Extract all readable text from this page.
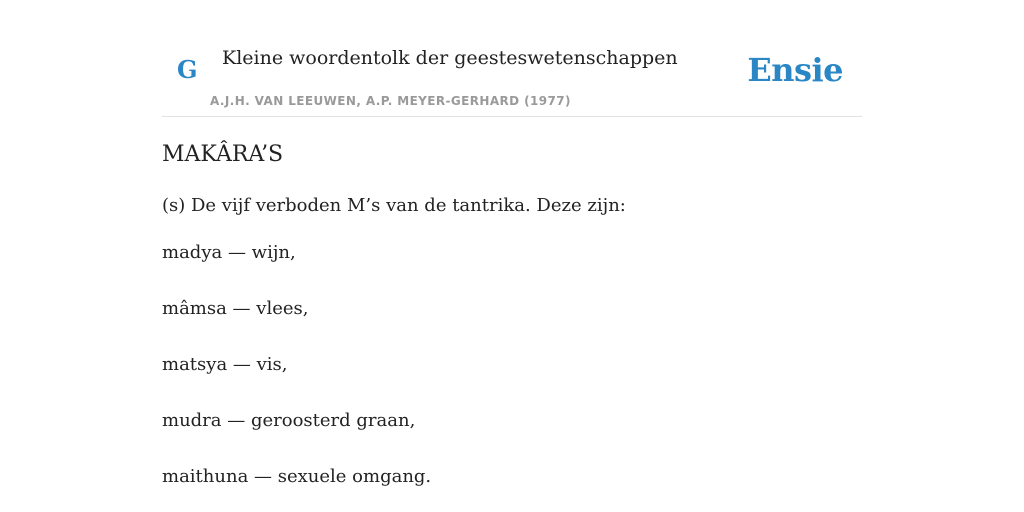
G Kleine woordentolk der geesteswetenschappen
A.J.H. VAN LEEUWEN, A.P. MEYER-GERHARD (1977)
Ensie
MAKÂRA’S
(s) De vijf verboden M’s van de tantrika. Deze zijn:
madya — wijn,
mâmsa — vlees,
matsya — vis,
mudra — geroosterd graan,
maithuna — sexuele omgang.
